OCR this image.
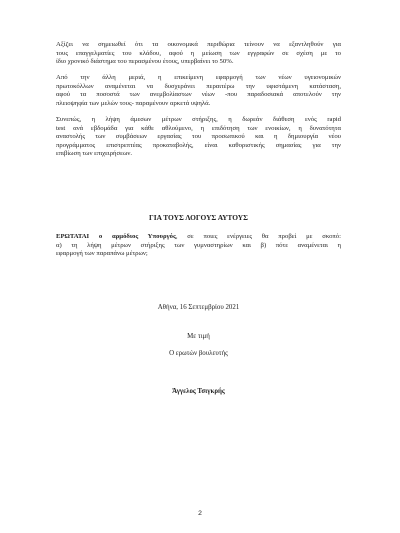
Αξίζει να σημειωθεί ότι τα οικονομικά περιθώρια τείνουν να εξαντληθούν για
τους επαγγελματίες του κλάδου, αφού η μείωση των εγγραφών σε σχέση με το
ίδιο χρονικό διάστημα του περασμένου έτους, υπερβαίνει το 50%.
Από την άλλη μεριά, η επικείμενη εφαρμογή των νέων υγειονομικών
πρωτοκόλλων αναμένεται να δυσχεράνει περαιτέρω την υφιστάμενη κατάσταση,
αφού τα ποσοστά των ανεμβολίαστων νέων -που παραδοσιακά αποτελούν την
πλειοψηφία των μελών τους- παραμένουν αρκετά υψηλά.
Συνεπώς, η λήψη άμεσων μέτρων στήριξης, η δωρεάν διάθεση ενός rapid
test ανά εβδομάδα για κάθε αθλούμενο, η επιδότηση των ενοικίων, η δυνατότητα
αναστολής των συμβάσεων εργασίας του προσωπικού και η δημιουργία νέου
προγράμματος επιστρεπτέας προκαταβολής, είναι καθοριστικής σημασίας για την
επιβίωση των επιχειρήσεων.

ΓΙΑ ΤΟΥΣ ΛΟΓΟΥΣ ΑΥΤΟΥΣ

ΕΡΩΤΑΤΑΙ ο αρμόδιος Υπουργός, σε ποιες ενέργειες θα προβεί με σκοπό:
α) τη λήψη μέτρων στήριξης των γυμναστηρίων και β) πότε αναμένεται η
εφαρμογή των παραπάνω μέτρων;

Αθήνα, 16 Σεπτεμβρίου 2021

Με τιμή

Ο ερωτών βουλευτής

Άγγελος Τσιγκρής

2
